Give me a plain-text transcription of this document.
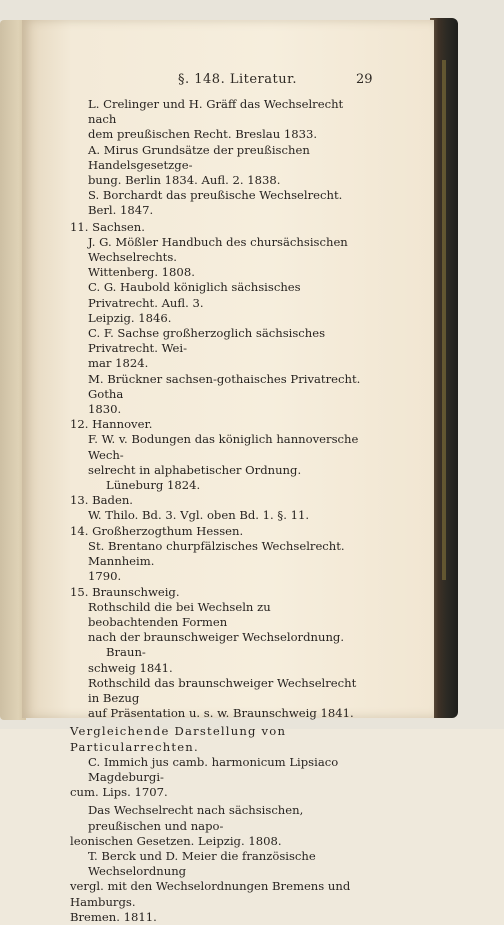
§. 148. Literatur.	29
L. Crelinger und H. Gräff das Wechselrecht nach
dem preußischen Recht. Breslau 1833.
A. Mirus Grundsätze der preußischen Handelsgesetzge-
bung. Berlin 1834. Aufl. 2. 1838.
S. Borchardt das preußische Wechselrecht. Berl. 1847.
11. Sachsen.
J. G. Mößler Handbuch des chursächsischen Wechselrechts.
Wittenberg. 1808.
C. G. Haubold königlich sächsisches Privatrecht. Aufl. 3.
Leipzig. 1846.
C. F. Sachse großherzoglich sächsisches Privatrecht. Wei-
mar 1824.
M. Brückner sachsen-gothaisches Privatrecht. Gotha
1830.
12. Hannover.
F. W. v. Bodungen das königlich hannoversche Wech-
selrecht in alphabetischer Ordnung. Lüneburg 1824.
13. Baden.
W. Thilo. Bd. 3. Vgl. oben Bd. 1. §. 11.
14. Großherzogthum Hessen.
St. Brentano churpfälzisches Wechselrecht. Mannheim.
1790.
15. Braunschweig.
Rothschild die bei Wechseln zu beobachtenden Formen
nach der braunschweiger Wechselordnung. Braun-
schweig 1841.
Rothschild das braunschweiger Wechselrecht in Bezug
auf Präsentation u. s. w. Braunschweig 1841.
Vergleichende Darstellung von Particularrechten.
C. Immich jus camb. harmonicum Lipsiaco Magdeburgi-
cum. Lips. 1707.
Das Wechselrecht nach sächsischen, preußischen und napo-
leonischen Gesetzen. Leipzig. 1808.
T. Berck und D. Meier die französische Wechselordnung
vergl. mit den Wechselordnungen Bremens und Hamburgs.
Bremen. 1811.
